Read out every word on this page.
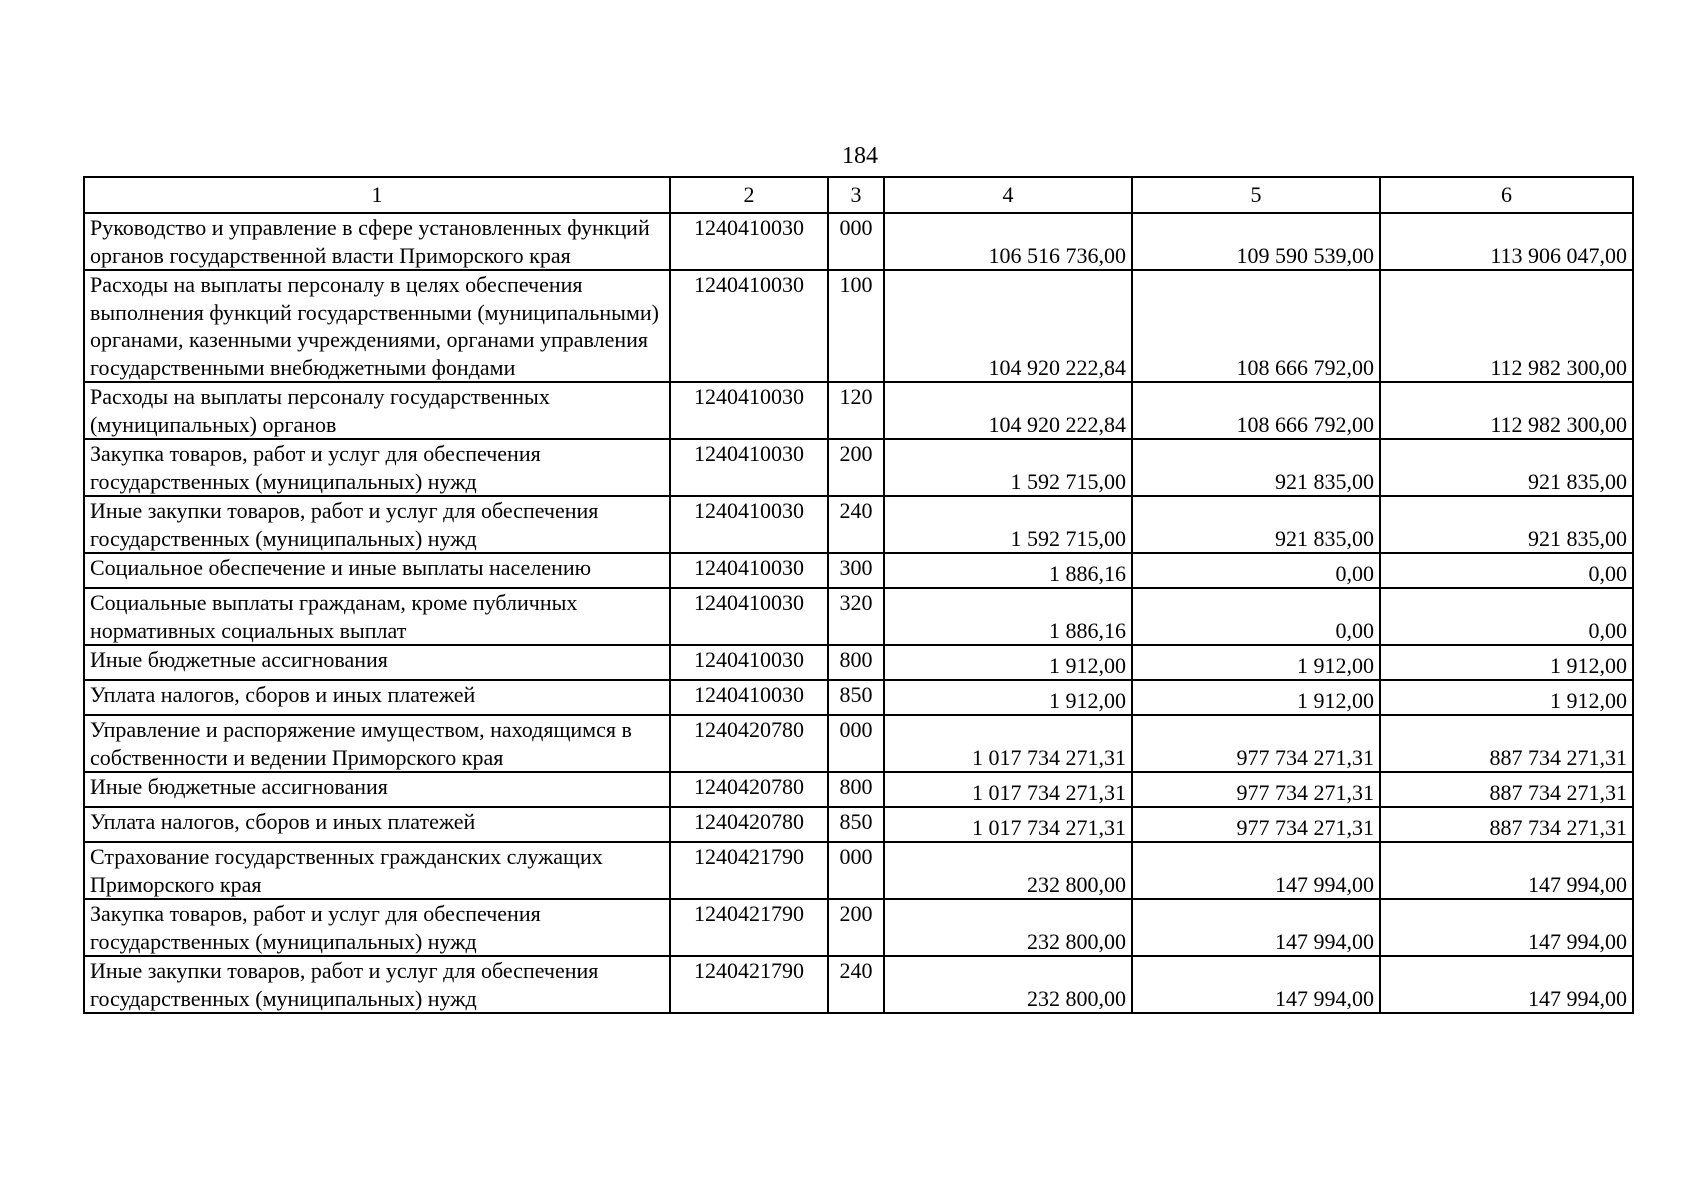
184
1	2	3	4	5	6
Руководство и управление в сфере установленных функций органов государственной власти Приморского края	1240410030	000	106 516 736,00	109 590 539,00	113 906 047,00
Расходы на выплаты персоналу в целях обеспечения выполнения функций государственными (муниципальными) органами, казенными учреждениями, органами управления государственными внебюджетными фондами	1240410030	100	104 920 222,84	108 666 792,00	112 982 300,00
Расходы на выплаты персоналу государственных (муниципальных) органов	1240410030	120	104 920 222,84	108 666 792,00	112 982 300,00
Закупка товаров, работ и услуг для обеспечения государственных (муниципальных) нужд	1240410030	200	1 592 715,00	921 835,00	921 835,00
Иные закупки товаров, работ и услуг для обеспечения государственных (муниципальных) нужд	1240410030	240	1 592 715,00	921 835,00	921 835,00
Социальное обеспечение и иные выплаты населению	1240410030	300	1 886,16	0,00	0,00
Социальные выплаты гражданам, кроме публичных нормативных социальных выплат	1240410030	320	1 886,16	0,00	0,00
Иные бюджетные ассигнования	1240410030	800	1 912,00	1 912,00	1 912,00
Уплата налогов, сборов и иных платежей	1240410030	850	1 912,00	1 912,00	1 912,00
Управление и распоряжение имуществом, находящимся в собственности и ведении Приморского края	1240420780	000	1 017 734 271,31	977 734 271,31	887 734 271,31
Иные бюджетные ассигнования	1240420780	800	1 017 734 271,31	977 734 271,31	887 734 271,31
Уплата налогов, сборов и иных платежей	1240420780	850	1 017 734 271,31	977 734 271,31	887 734 271,31
Страхование государственных гражданских служащих Приморского края	1240421790	000	232 800,00	147 994,00	147 994,00
Закупка товаров, работ и услуг для обеспечения государственных (муниципальных) нужд	1240421790	200	232 800,00	147 994,00	147 994,00
Иные закупки товаров, работ и услуг для обеспечения государственных (муниципальных) нужд	1240421790	240	232 800,00	147 994,00	147 994,00
